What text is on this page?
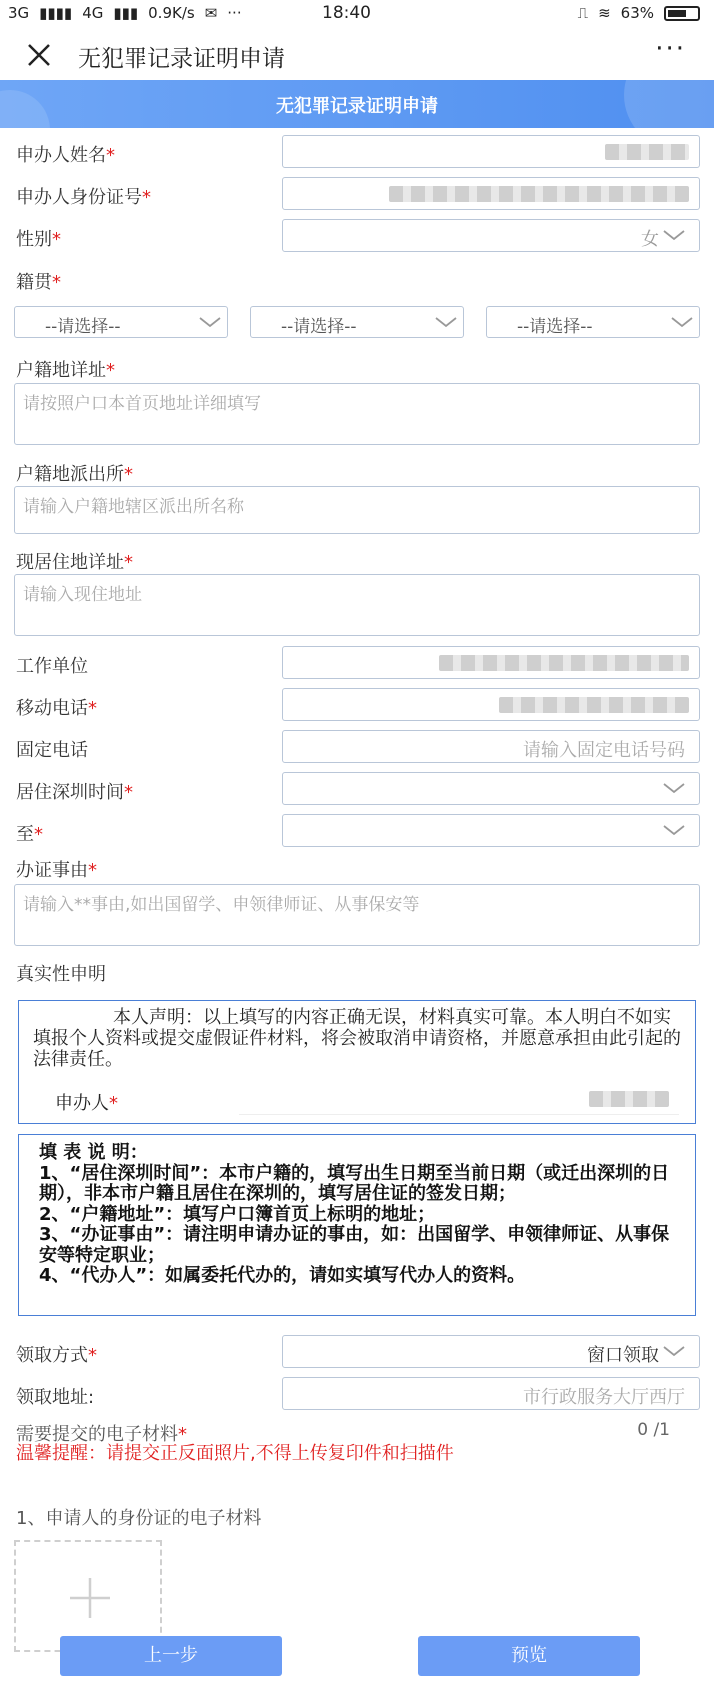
3G ▮▮▮▮ 4G ▮▮▮ 0.9K/s ✉ ···	18:40	⎍ ≋ 63%
无犯罪记录证明申请	···
无犯罪记录证明申请
申办人姓名*
申办人身份证号*
性别*	女
籍贯*
--请选择--	--请选择--	--请选择--
户籍地详址*
请按照户口本首页地址详细填写
户籍地派出所*
请输入户籍地辖区派出所名称
现居住地详址*
请输入现住地址
工作单位
移动电话*
固定电话	请输入固定电话号码
居住深圳时间*
至*
办证事由*
请输入**事由,如出国留学、申领律师证、从事保安等
真实性申明
本人声明：以上填写的内容正确无误，材料真实可靠。本人明白不如实填报个人资料或提交虚假证件材料，将会被取消申请资格，并愿意承担由此引起的法律责任。
申办人*
填 表 说 明：
1、“居住深圳时间”：本市户籍的，填写出生日期至当前日期（或迁出深圳的日期），非本市户籍且居住在深圳的，填写居住证的签发日期；
2、“户籍地址”：填写户口簿首页上标明的地址；
3、“办证事由”：请注明申请办证的事由，如：出国留学、申领律师证、从事保安等特定职业；
4、“代办人”：如属委托代办的，请如实填写代办人的资料。
领取方式*	窗口领取
领取地址:	市行政服务大厅西厅
需要提交的电子材料*	0 /1
温馨提醒：请提交正反面照片,不得上传复印件和扫描件
1、申请人的身份证的电子材料
上一步	预览
